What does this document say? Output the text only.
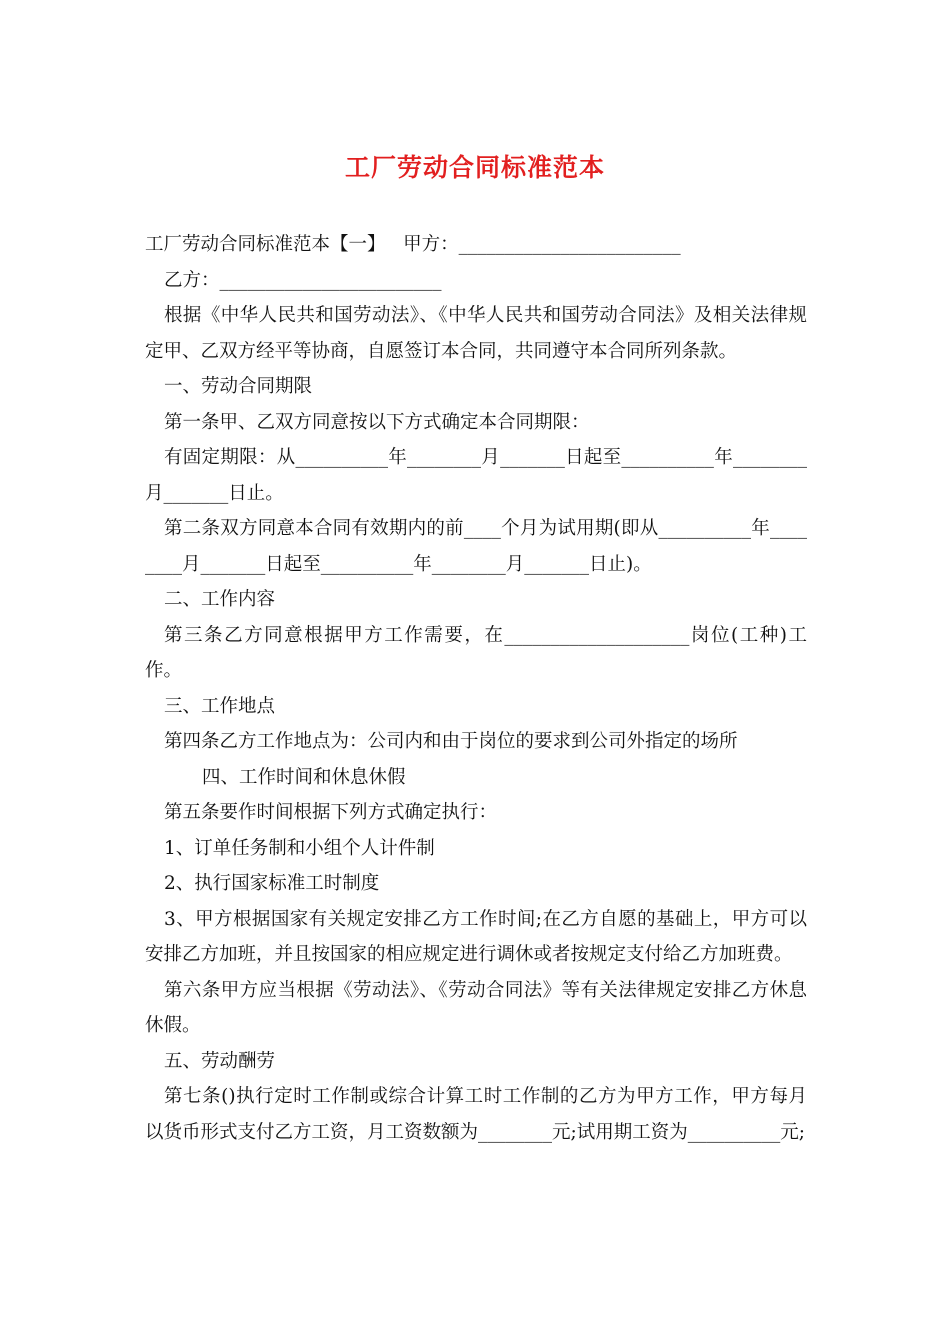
工厂劳动合同标准范本

工厂劳动合同标准范本【一】   甲方：________________________

乙方：________________________

根据《中华人民共和国劳动法》、《中华人民共和国劳动合同法》及相关法律规定甲、乙双方经平等协商，自愿签订本合同，共同遵守本合同所列条款。

一、劳动合同期限

第一条甲、乙双方同意按以下方式确定本合同期限：

有固定期限：从__________年________月_______日起至__________年________月_______日止。

第二条双方同意本合同有效期内的前____个月为试用期(即从__________年________月_______日起至__________年________月_______日止)。

二、工作内容

第三条乙方同意根据甲方工作需要，在____________________岗位(工种)工作。

三、工作地点

第四条乙方工作地点为：公司内和由于岗位的要求到公司外指定的场所

四、工作时间和休息休假

第五条要作时间根据下列方式确定执行：

1、订单任务制和小组个人计件制

2、执行国家标准工时制度

3、甲方根据国家有关规定安排乙方工作时间;在乙方自愿的基础上，甲方可以安排乙方加班，并且按国家的相应规定进行调休或者按规定支付给乙方加班费。

第六条甲方应当根据《劳动法》、《劳动合同法》等有关法律规定安排乙方休息休假。

五、劳动酬劳

第七条()执行定时工作制或综合计算工时工作制的乙方为甲方工作，甲方每月以货币形式支付乙方工资，月工资数额为________元;试用期工资为__________元;
